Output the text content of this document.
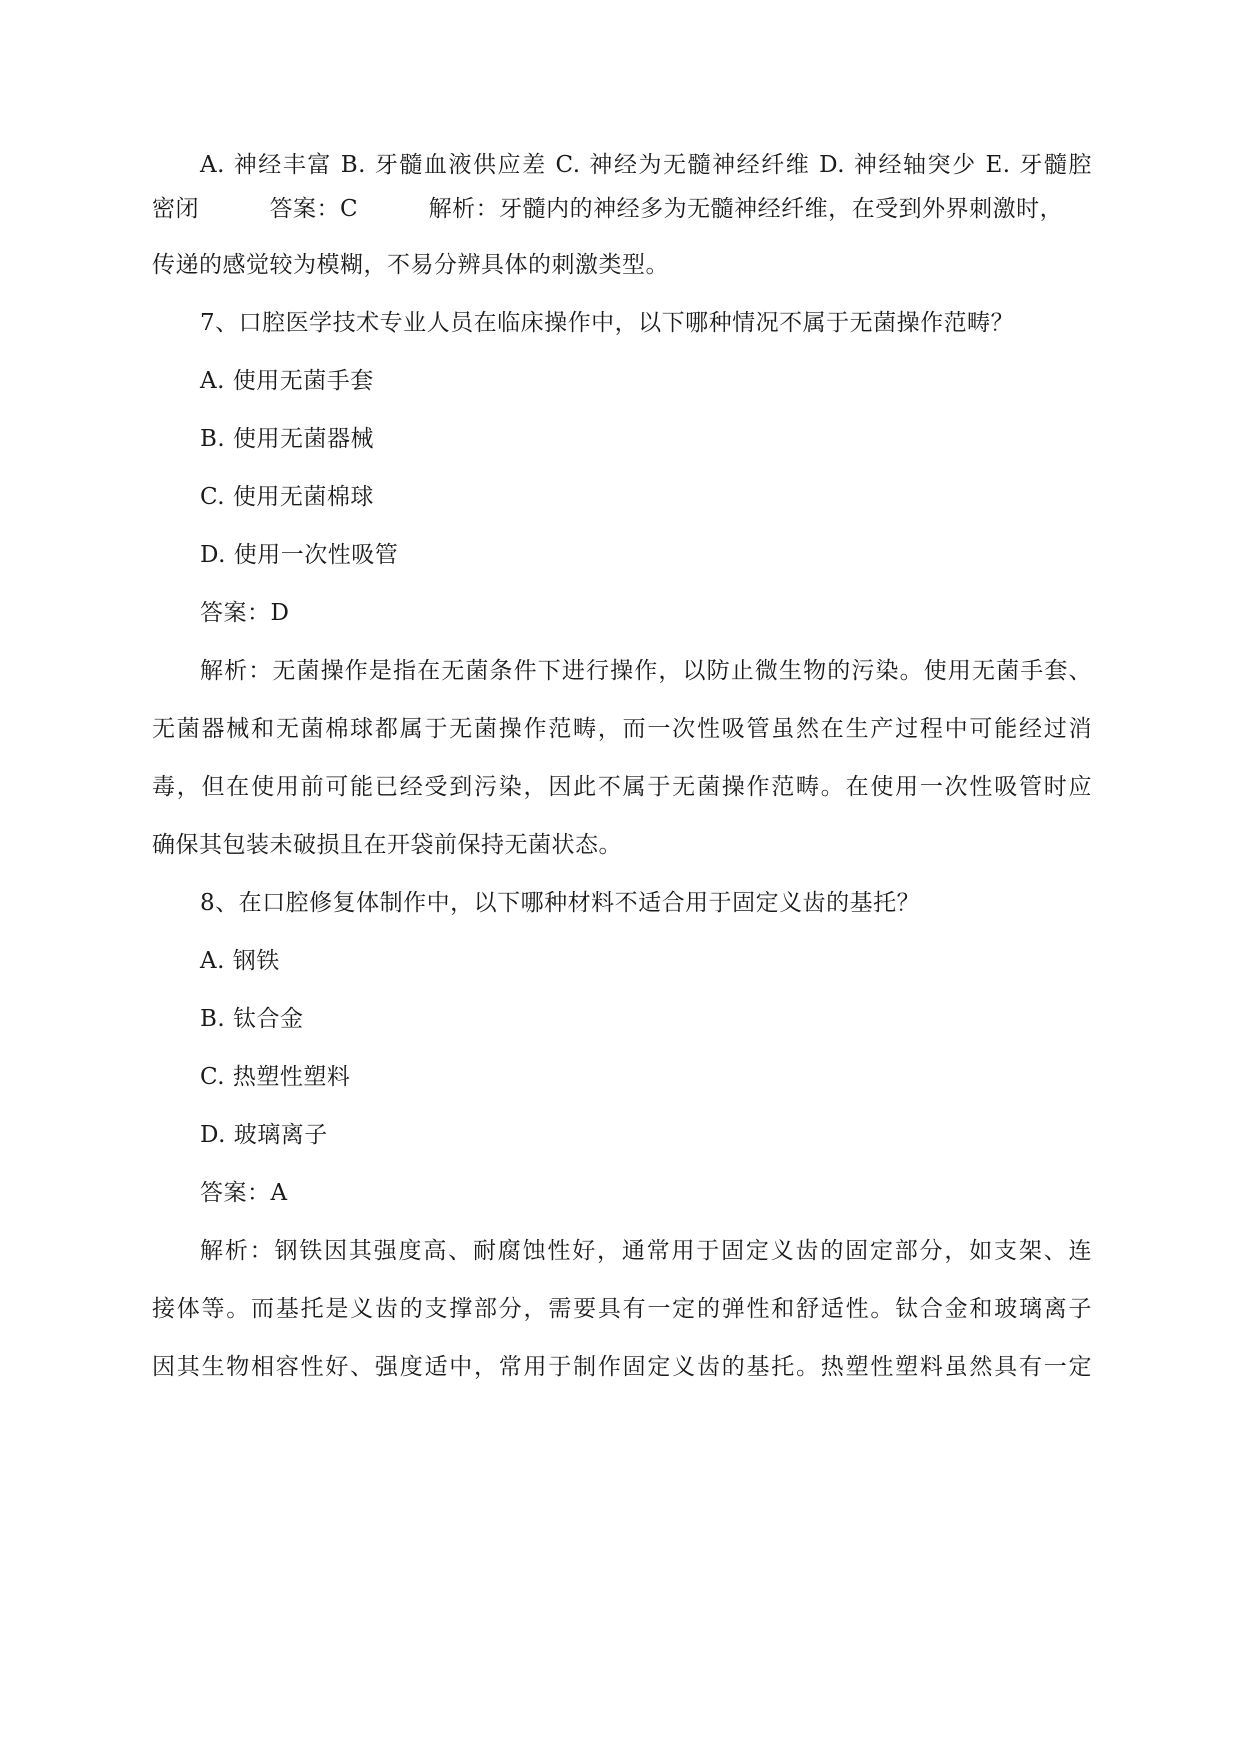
A. 神经丰富 B. 牙髓血液供应差 C. 神经为无髓神经纤维 D. 神经轴突少 E. 牙髓腔
密闭　　　答案：C　　　解析：牙髓内的神经多为无髓神经纤维，在受到外界刺激时，
传递的感觉较为模糊，不易分辨具体的刺激类型。
7、口腔医学技术专业人员在临床操作中，以下哪种情况不属于无菌操作范畴？
A. 使用无菌手套
B. 使用无菌器械
C. 使用无菌棉球
D. 使用一次性吸管
答案：D
解析：无菌操作是指在无菌条件下进行操作，以防止微生物的污染。使用无菌手套、
无菌器械和无菌棉球都属于无菌操作范畴，而一次性吸管虽然在生产过程中可能经过消
毒，但在使用前可能已经受到污染，因此不属于无菌操作范畴。在使用一次性吸管时应
确保其包装未破损且在开袋前保持无菌状态。
8、在口腔修复体制作中，以下哪种材料不适合用于固定义齿的基托？
A. 钢铁
B. 钛合金
C. 热塑性塑料
D. 玻璃离子
答案：A
解析：钢铁因其强度高、耐腐蚀性好，通常用于固定义齿的固定部分，如支架、连
接体等。而基托是义齿的支撑部分，需要具有一定的弹性和舒适性。钛合金和玻璃离子
因其生物相容性好、强度适中，常用于制作固定义齿的基托。热塑性塑料虽然具有一定
